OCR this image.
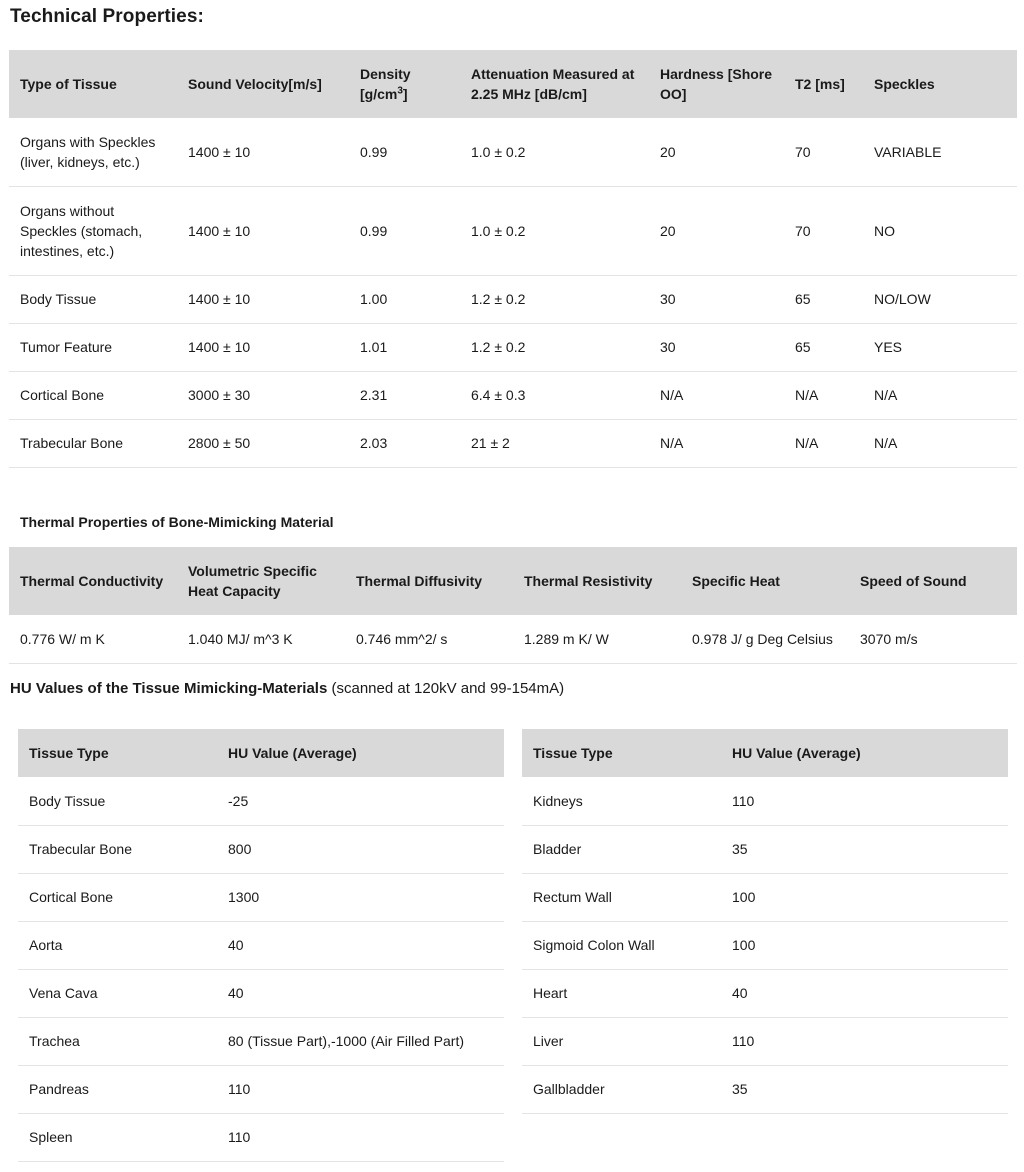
Technical Properties:
Type of Tissue	Sound Velocity[m/s]	Density $[g/cm^3]$	Attenuation Measured at 2.25 MHz [dB/cm]	Hardness [Shore OO]	T2 [ms]	Speckles
Organs with Speckles (liver, kidneys, etc.)	1400 ± 10	0.99	1.0 ± 0.2	20	70	VARIABLE
Organs without Speckles (stomach, intestines, etc.)	1400 ± 10	0.99	1.0 ± 0.2	20	70	NO
Body Tissue	1400 ± 10	1.00	1.2 ± 0.2	30	65	NO/LOW
Tumor Feature	1400 ± 10	1.01	1.2 ± 0.2	30	65	YES
Cortical Bone	3000 ± 30	2.31	6.4 ± 0.3	N/A	N/A	N/A
Trabecular Bone	2800 ± 50	2.03	21 ± 2	N/A	N/A	N/A
Thermal Properties of Bone-Mimicking Material
Thermal Conductivity	Volumetric Specific Heat Capacity	Thermal Diffusivity	Thermal Resistivity	Specific Heat	Speed of Sound
0.776 W/ m K	1.040 MJ/ m^3 K	0.746 mm^2/ s	1.289 m K/ W	0.978 J/ g Deg Celsius	3070 m/s

HU Values of the Tissue Mimicking-Materials (scanned at 120kV and 99-154mA)

Tissue Type	HU Value (Average)
Body Tissue	-25
Trabecular Bone	800
Cortical Bone	1300
Aorta	40
Vena Cava	40
Trachea	80 (Tissue Part),-1000 (Air Filled Part)
Pandreas	110
Spleen	110
Tissue Type	HU Value (Average)
Kidneys	110
Bladder	35
Rectum Wall	100
Sigmoid Colon Wall	100
Heart	40
Liver	110
Gallbladder	35
